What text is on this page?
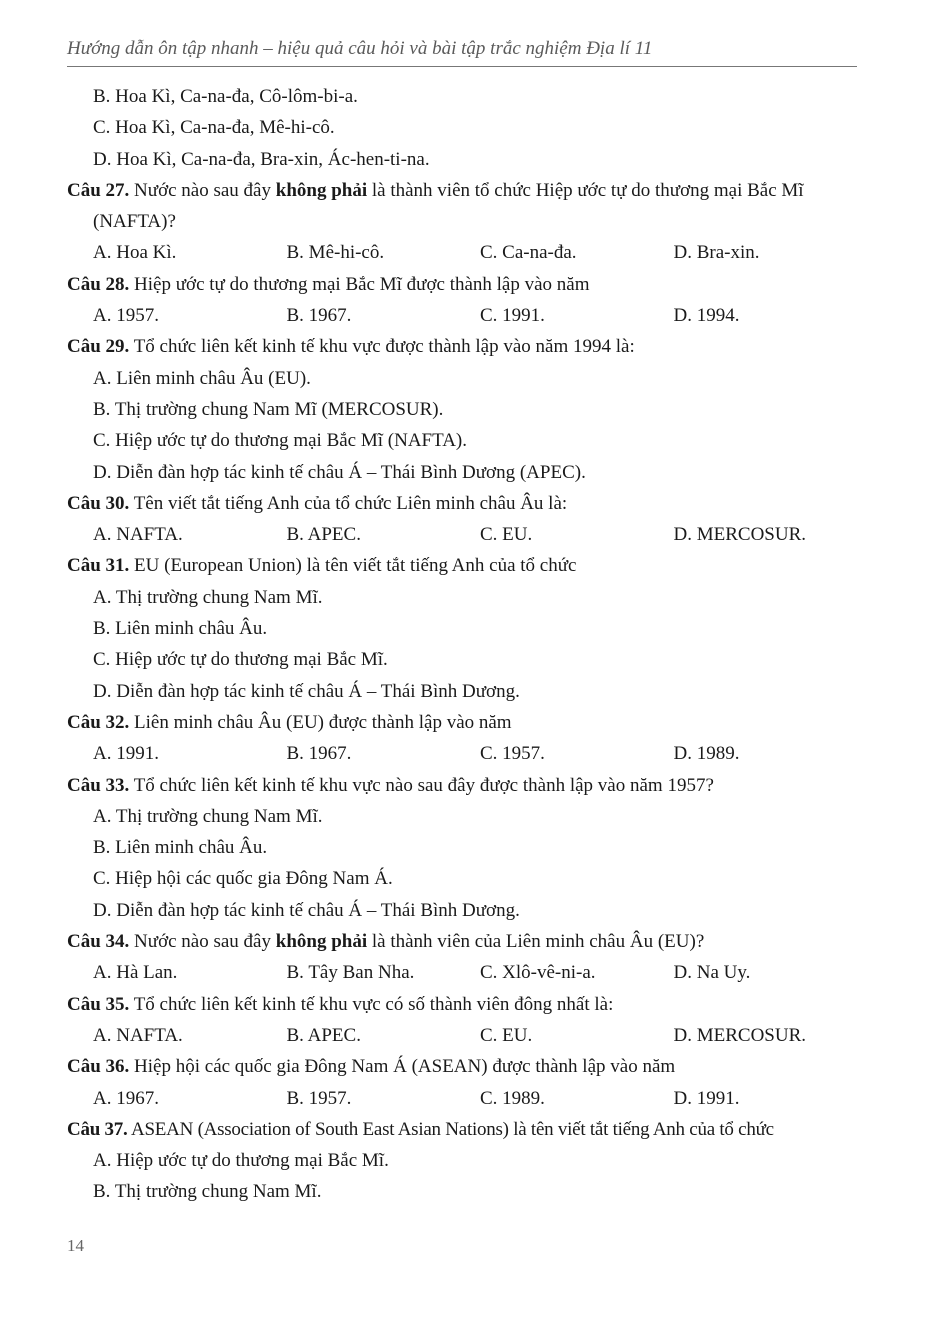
Hướng dẫn ôn tập nhanh – hiệu quả câu hỏi và bài tập trắc nghiệm Địa lí 11
B. Hoa Kì, Ca-na-đa, Cô-lôm-bi-a.
C. Hoa Kì, Ca-na-đa, Mê-hi-cô.
D. Hoa Kì, Ca-na-đa, Bra-xin, Ác-hen-ti-na.
Câu 27. Nước nào sau đây không phải là thành viên tổ chức Hiệp ước tự do thương mại Bắc Mĩ (NAFTA)?
A. Hoa Kì.	B. Mê-hi-cô.	C. Ca-na-đa.	D. Bra-xin.
Câu 28. Hiệp ước tự do thương mại Bắc Mĩ được thành lập vào năm
A. 1957.	B. 1967.	C. 1991.	D. 1994.
Câu 29. Tổ chức liên kết kinh tế khu vực được thành lập vào năm 1994 là:
A. Liên minh châu Âu (EU).
B. Thị trường chung Nam Mĩ (MERCOSUR).
C. Hiệp ước tự do thương mại Bắc Mĩ (NAFTA).
D. Diễn đàn hợp tác kinh tế châu Á – Thái Bình Dương (APEC).
Câu 30. Tên viết tắt tiếng Anh của tổ chức Liên minh châu Âu là:
A. NAFTA.	B. APEC.	C. EU.	D. MERCOSUR.
Câu 31. EU (European Union) là tên viết tắt tiếng Anh của tổ chức
A. Thị trường chung Nam Mĩ.
B. Liên minh châu Âu.
C. Hiệp ước tự do thương mại Bắc Mĩ.
D. Diễn đàn hợp tác kinh tế châu Á – Thái Bình Dương.
Câu 32. Liên minh châu Âu (EU) được thành lập vào năm
A. 1991.	B. 1967.	C. 1957.	D. 1989.
Câu 33. Tổ chức liên kết kinh tế khu vực nào sau đây được thành lập vào năm 1957?
A. Thị trường chung Nam Mĩ.
B. Liên minh châu Âu.
C. Hiệp hội các quốc gia Đông Nam Á.
D. Diễn đàn hợp tác kinh tế châu Á – Thái Bình Dương.
Câu 34. Nước nào sau đây không phải là thành viên của Liên minh châu Âu (EU)?
A. Hà Lan.	B. Tây Ban Nha.	C. Xlô-vê-ni-a.	D. Na Uy.
Câu 35. Tổ chức liên kết kinh tế khu vực có số thành viên đông nhất là:
A. NAFTA.	B. APEC.	C. EU.	D. MERCOSUR.
Câu 36. Hiệp hội các quốc gia Đông Nam Á (ASEAN) được thành lập vào năm
A. 1967.	B. 1957.	C. 1989.	D. 1991.
Câu 37. ASEAN (Association of South East Asian Nations) là tên viết tắt tiếng Anh của tổ chức
A. Hiệp ước tự do thương mại Bắc Mĩ.
B. Thị trường chung Nam Mĩ.
14
